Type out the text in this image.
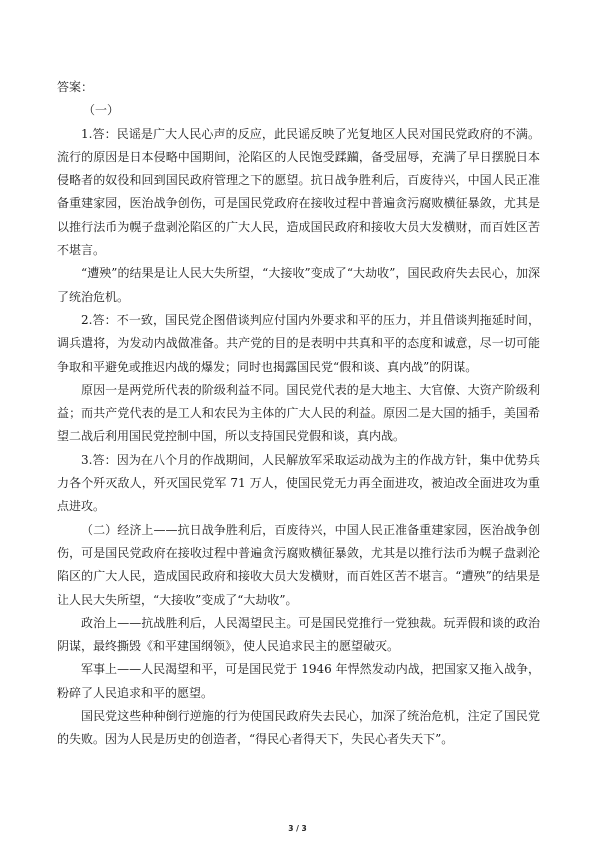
答案：

（一）

1.答：民谣是广大人民心声的反应，此民谣反映了光复地区人民对国民党政府的不满。流行的原因是日本侵略中国期间，沦陷区的人民饱受蹂躏，备受屈辱，充满了早日摆脱日本侵略者的奴役和回到国民政府管理之下的愿望。抗日战争胜利后，百废待兴，中国人民正准备重建家园，医治战争创伤，可是国民党政府在接收过程中普遍贪污腐败横征暴敛，尤其是以推行法币为幌子盘剥沦陷区的广大人民，造成国民政府和接收大员大发横财，而百姓区苦不堪言。

“遭殃”的结果是让人民大失所望，“大接收”变成了“大劫收”，国民政府失去民心，加深了统治危机。

2.答：不一致，国民党企图借谈判应付国内外要求和平的压力，并且借谈判拖延时间，调兵遣将，为发动内战做准备。共产党的目的是表明中共真和平的态度和诚意，尽一切可能争取和平避免或推迟内战的爆发；同时也揭露国民党“假和谈、真内战”的阴谋。

原因一是两党所代表的阶级利益不同。国民党代表的是大地主、大官僚、大资产阶级利益；而共产党代表的是工人和农民为主体的广大人民的利益。原因二是大国的插手，美国希望二战后利用国民党控制中国，所以支持国民党假和谈，真内战。

3.答：因为在八个月的作战期间，人民解放军采取运动战为主的作战方针，集中优势兵力各个歼灭敌人，歼灭国民党军 71 万人，使国民党无力再全面进攻，被迫改全面进攻为重点进攻。

（二）经济上——抗日战争胜利后，百废待兴，中国人民正准备重建家园，医治战争创伤，可是国民党政府在接收过程中普遍贪污腐败横征暴敛，尤其是以推行法币为幌子盘剥沦陷区的广大人民，造成国民政府和接收大员大发横财，而百姓区苦不堪言。“遭殃”的结果是让人民大失所望，“大接收”变成了“大劫收”。

政治上——抗战胜利后，人民渴望民主。可是国民党推行一党独裁。玩弄假和谈的政治阴谋，最终撕毁《和平建国纲领》，使人民追求民主的愿望破灭。

军事上——人民渴望和平，可是国民党于 1946 年悍然发动内战，把国家又拖入战争，粉碎了人民追求和平的愿望。

国民党这些种种倒行逆施的行为使国民政府失去民心，加深了统治危机，注定了国民党的失败。因为人民是历史的创造者，“得民心者得天下，失民心者失天下”。

3 / 3
